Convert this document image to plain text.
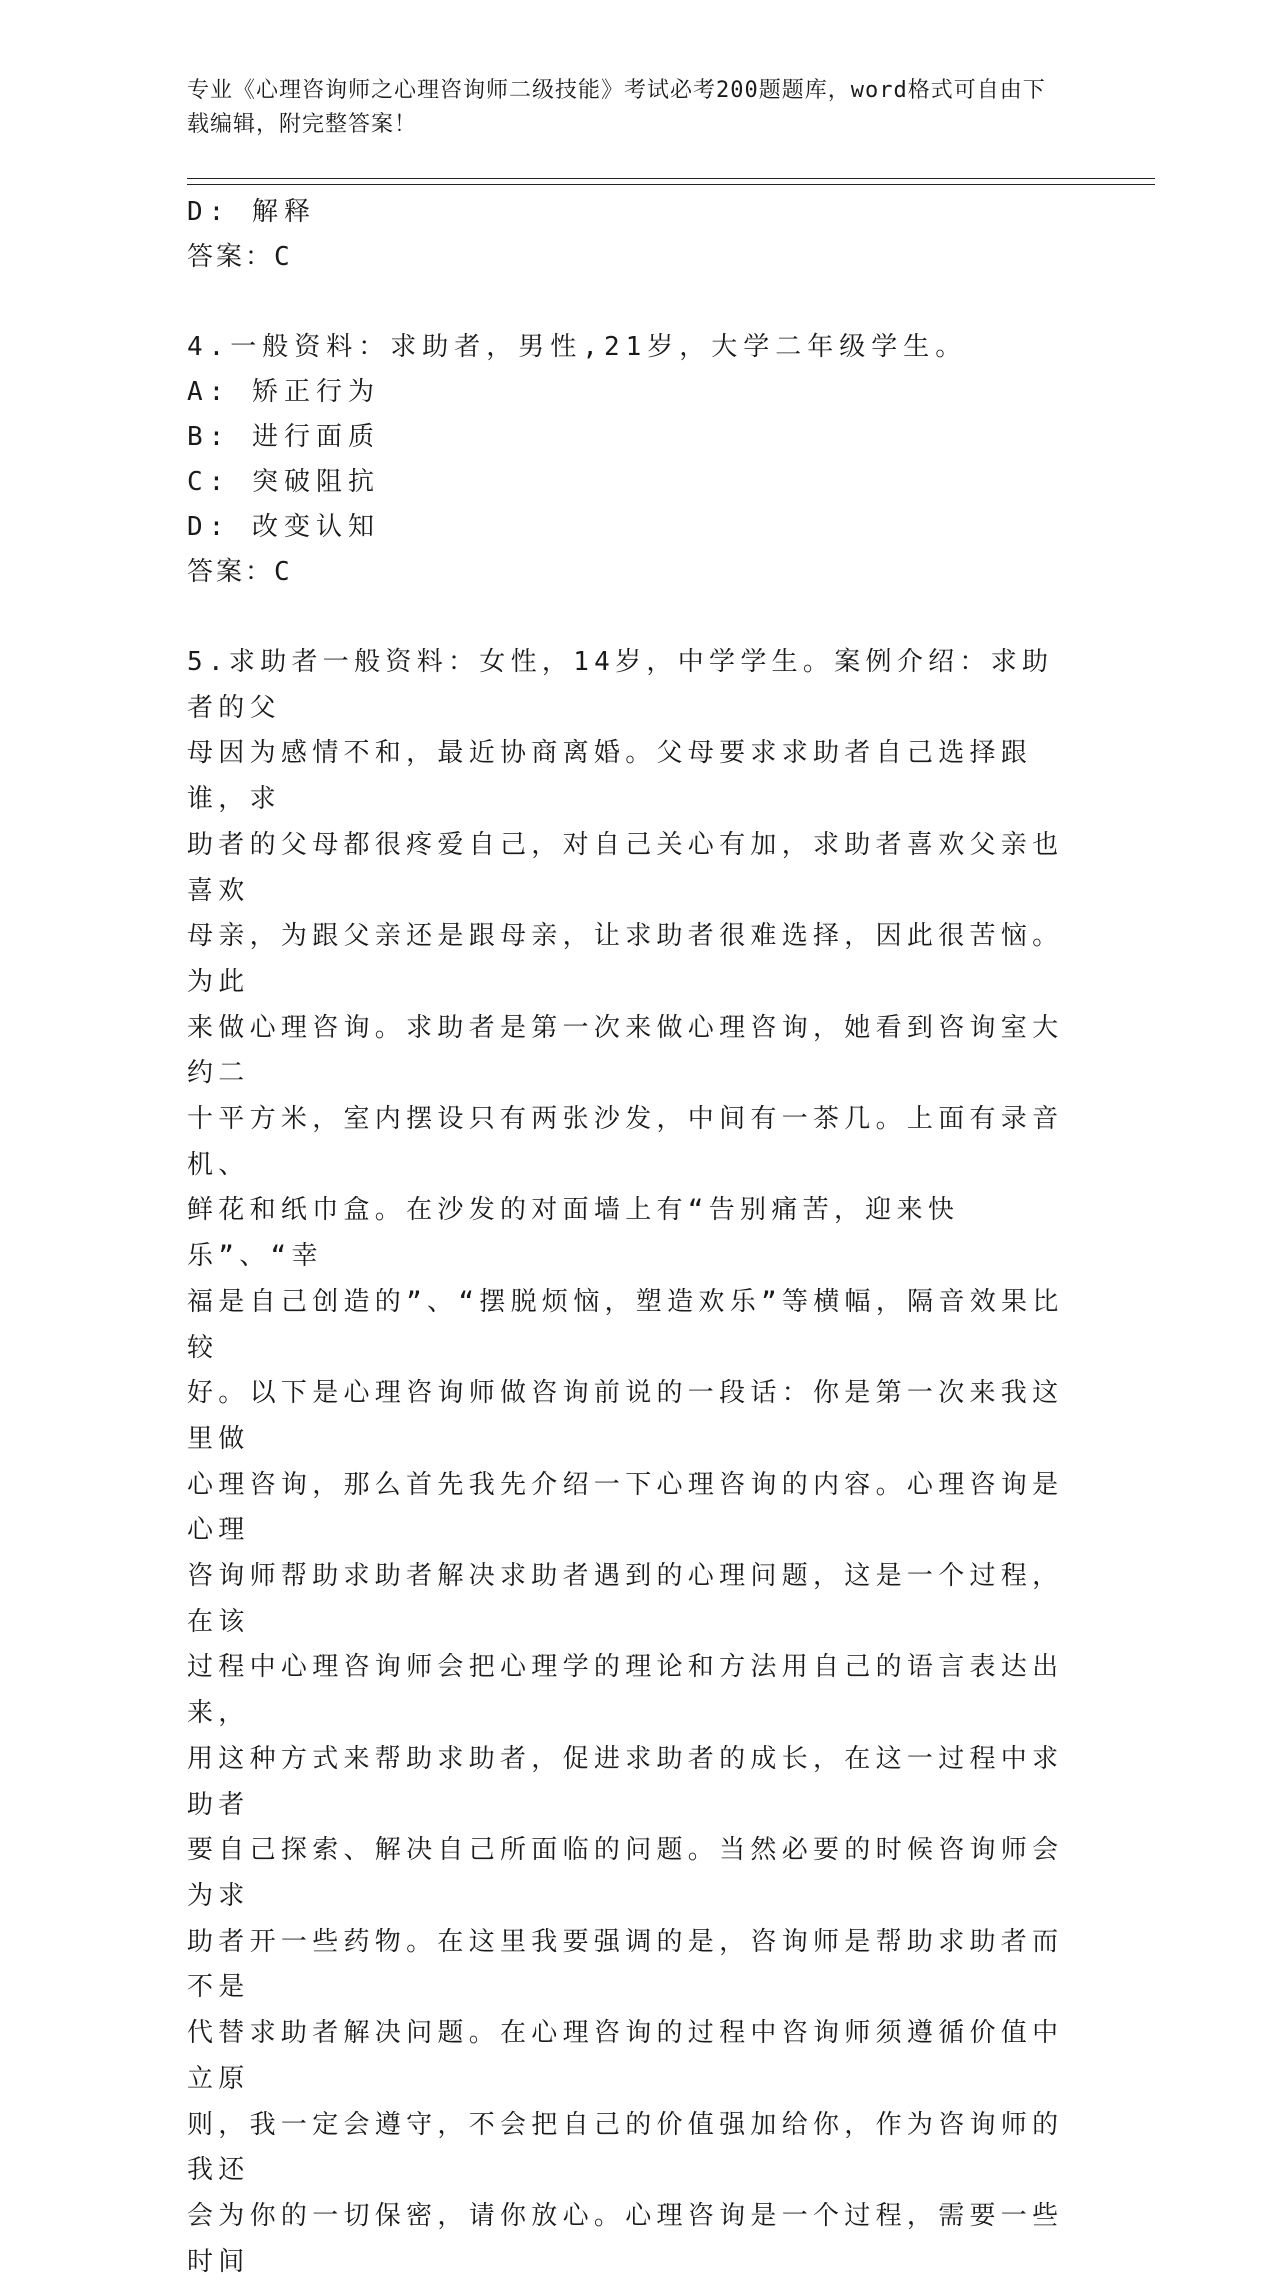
专业《心理咨询师之心理咨询师二级技能》考试必考200题题库，word格式可自由下载编辑，附完整答案！
D: 解释
答案：C
4.一般资料：求助者，男性,21岁，大学二年级学生。
A: 矫正行为
B: 进行面质
C: 突破阻抗
D: 改变认知
答案：C
5.求助者一般资料：女性，14岁，中学学生。案例介绍：求助者的父
母因为感情不和，最近协商离婚。父母要求求助者自己选择跟谁，求
助者的父母都很疼爱自己，对自己关心有加，求助者喜欢父亲也喜欢
母亲，为跟父亲还是跟母亲，让求助者很难选择，因此很苦恼。为此
来做心理咨询。求助者是第一次来做心理咨询，她看到咨询室大约二
十平方米，室内摆设只有两张沙发，中间有一茶几。上面有录音机、
鲜花和纸巾盒。在沙发的对面墙上有“告别痛苦，迎来快乐”、“幸
福是自己创造的”、“摆脱烦恼，塑造欢乐”等横幅，隔音效果比较
好。以下是心理咨询师做咨询前说的一段话：你是第一次来我这里做
心理咨询，那么首先我先介绍一下心理咨询的内容。心理咨询是心理
咨询师帮助求助者解决求助者遇到的心理问题，这是一个过程，在该
过程中心理咨询师会把心理学的理论和方法用自己的语言表达出来，
用这种方式来帮助求助者，促进求助者的成长，在这一过程中求助者
要自己探索、解决自己所面临的问题。当然必要的时候咨询师会为求
助者开一些药物。在这里我要强调的是，咨询师是帮助求助者而不是
代替求助者解决问题。在心理咨询的过程中咨询师须遵循价值中立原
则，我一定会遵守，不会把自己的价值强加给你，作为咨询师的我还
会为你的一切保密，请你放心。心理咨询是一个过程，需要一些时间
